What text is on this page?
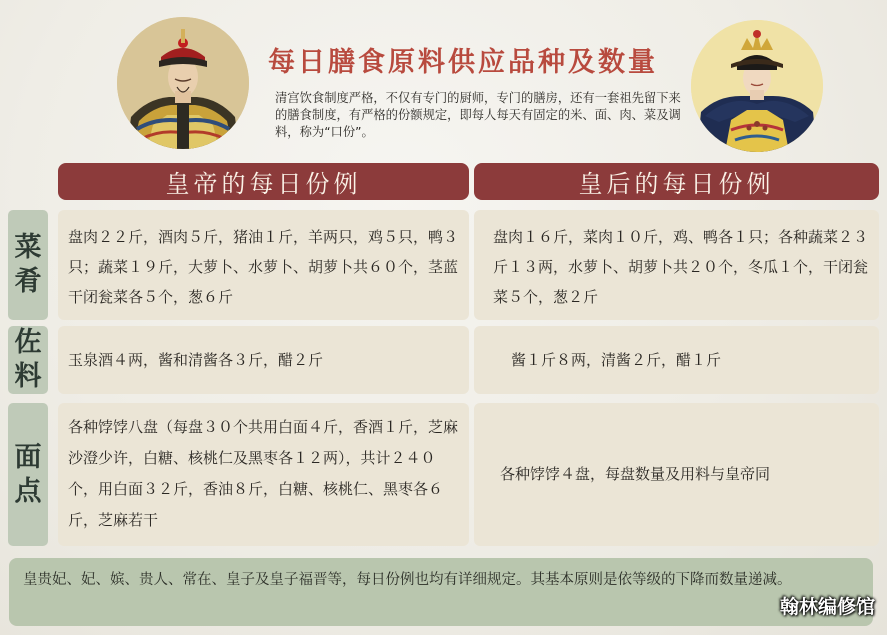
每日膳食原料供应品种及数量
清宫饮食制度严格，不仅有专门的厨师，专门的膳房，还有一套祖先留下来的膳食制度，有严格的份额规定，即每人每天有固定的米、面、肉、菜及调料，称为“口份”。
皇帝的每日份例	皇后的每日份例
菜
肴
盘肉２２斤，酒肉５斤，猪油１斤，羊两只，鸡５只，鸭３只；蔬菜１９斤，大萝卜、水萝卜、胡萝卜共６０个，茎蓝干闭瓮菜各５个，葱６斤
盘肉１６斤，菜肉１０斤，鸡、鸭各１只；各种蔬菜２３斤１３两，水萝卜、胡萝卜共２０个，冬瓜１个，干闭瓮菜５个，葱２斤
佐
料
玉泉酒４两，酱和清酱各３斤，醋２斤	酱１斤８两，清酱２斤，醋１斤
面
点
各种饽饽八盘（每盘３０个共用白面４斤，香酒１斤，芝麻沙澄少许，白糖、核桃仁及黑枣各１２两），共计２４０个，用白面３２斤，香油８斤，白糖、核桃仁、黑枣各６斤，芝麻若干
各种饽饽４盘，每盘数量及用料与皇帝同
皇贵妃、妃、嫔、贵人、常在、皇子及皇子福晋等，每日份例也均有详细规定。其基本原则是依等级的下降而数量递减。
翰林编修馆
